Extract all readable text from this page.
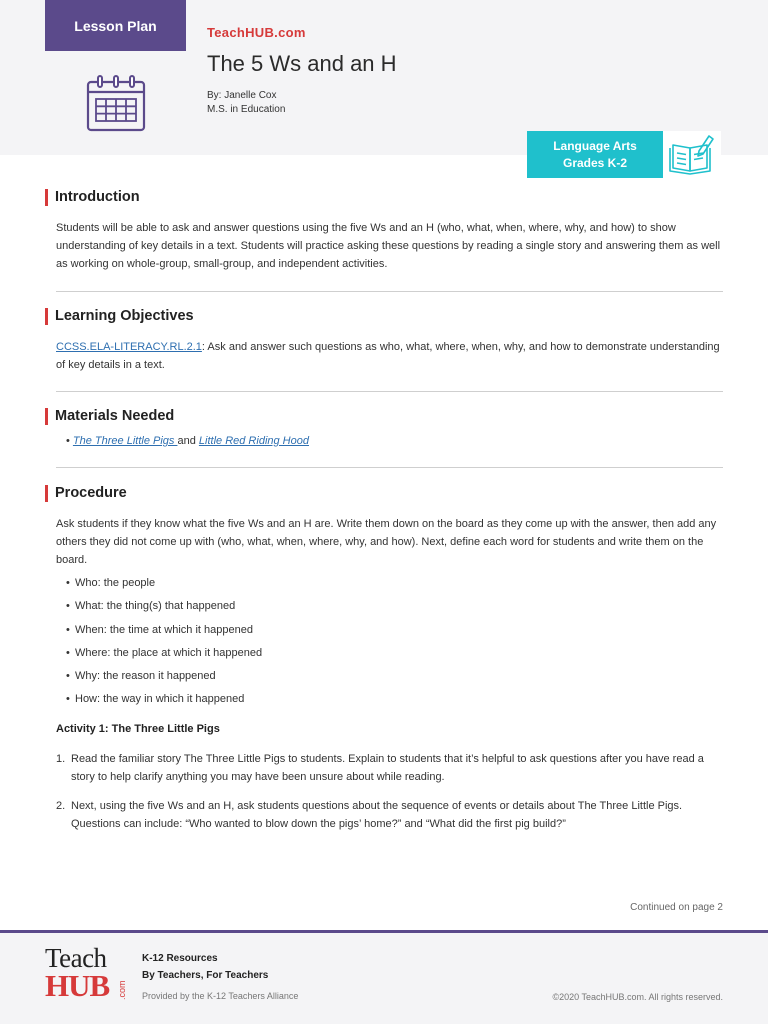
Lesson Plan	TeachHUB.com
The 5 Ws and an H
By: Janelle Cox
M.S. in Education
Language Arts
Grades K-2
Introduction
Students will be able to ask and answer questions using the five Ws and an H (who, what, when, where, why, and how) to show understanding of key details in a text. Students will practice asking these questions by reading a single story and answering them as well as working on whole-group, small-group, and independent activities.
Learning Objectives
CCSS.ELA-LITERACY.RL.2.1: Ask and answer such questions as who, what, where, when, why, and how to demonstrate understanding of key details in a text.
Materials Needed
• The Three Little Pigs and Little Red Riding Hood
Procedure
Ask students if they know what the five Ws and an H are. Write them down on the board as they come up with the answer, then add any others they did not come up with (who, what, when, where, why, and how). Next, define each word for students and write them on the board.
• Who: the people
• What: the thing(s) that happened
• When: the time at which it happened
• Where: the place at which it happened
• Why: the reason it happened
• How: the way in which it happened
Activity 1: The Three Little Pigs
1. Read the familiar story The Three Little Pigs to students. Explain to students that it’s helpful to ask questions after you have read a story to help clarify anything you may have been unsure about while reading.
2. Next, using the five Ws and an H, ask students questions about the sequence of events or details about The Three Little Pigs. Questions can include: “Who wanted to blow down the pigs’ home?” and “What did the first pig build?”
Continued on page 2
Teach
HUB .com
K-12 Resources
By Teachers, For Teachers
Provided by the K-12 Teachers Alliance	©2020 TeachHUB.com. All rights reserved.
